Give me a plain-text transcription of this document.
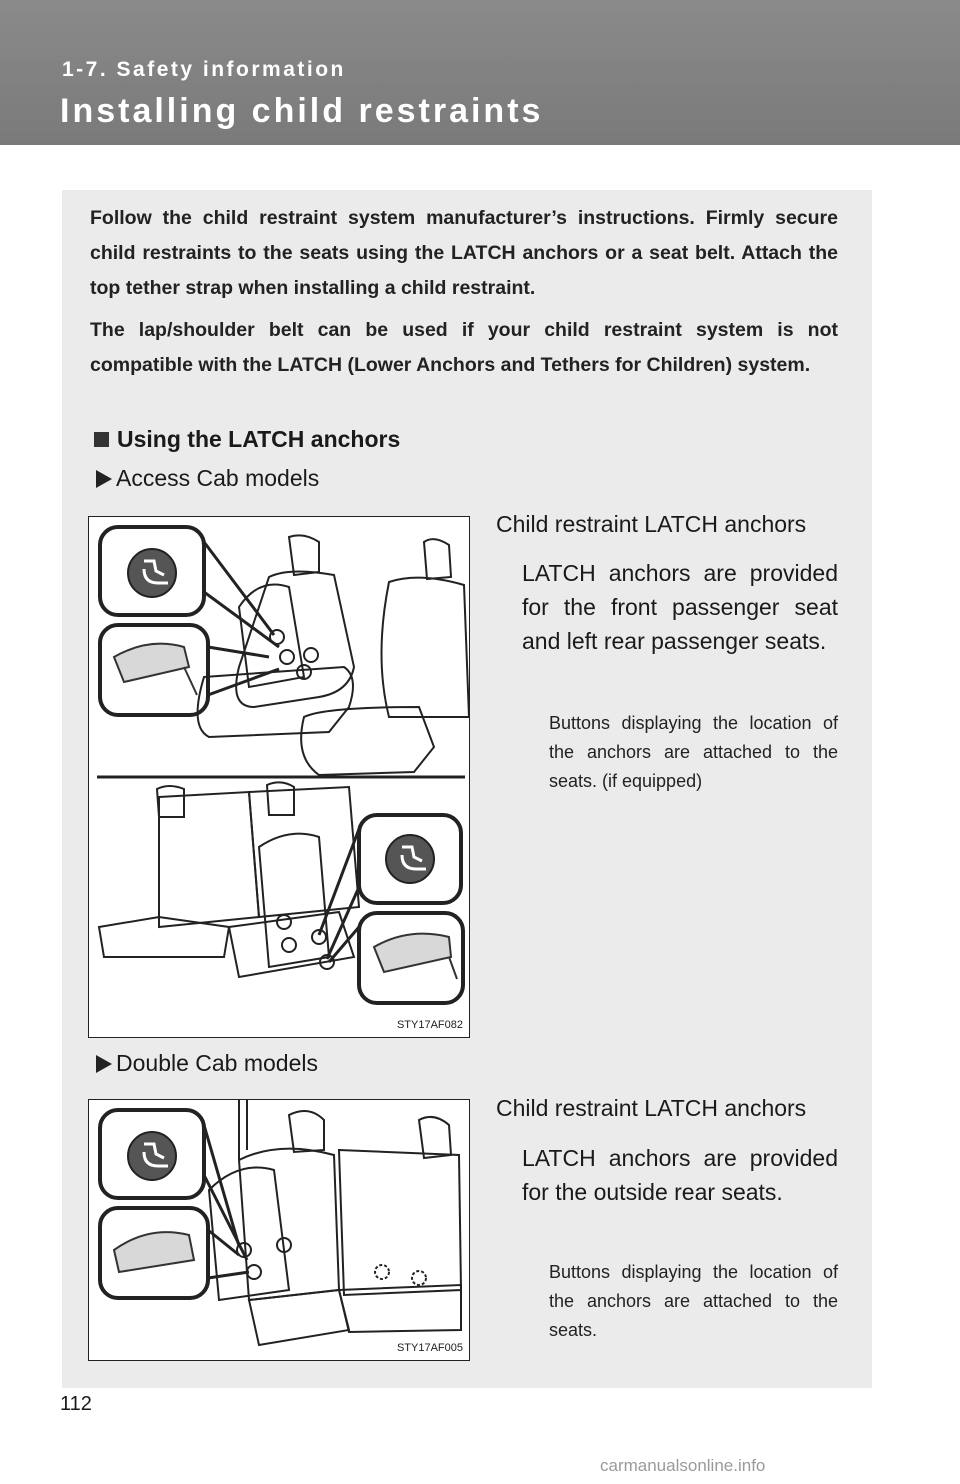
1-7. Safety information
Installing child restraints

Follow the child restraint system manufacturer’s instructions. Firmly secure child restraints to the seats using the LATCH anchors or a seat belt. Attach the top tether strap when installing a child restraint.

The lap/shoulder belt can be used if your child restraint system is not compatible with the LATCH (Lower Anchors and Tethers for Children) system.

Using the LATCH anchors
Access Cab models
STY17AF082
Child restraint LATCH anchors

LATCH anchors are provided for the front passenger seat and left rear passenger seats.

Buttons displaying the location of the anchors are attached to the seats. (if equipped)

Double Cab models
STY17AF005
Child restraint LATCH anchors

LATCH anchors are provided for the outside rear seats.

Buttons displaying the location of the anchors are attached to the seats.

112
carmanualsonline.info
